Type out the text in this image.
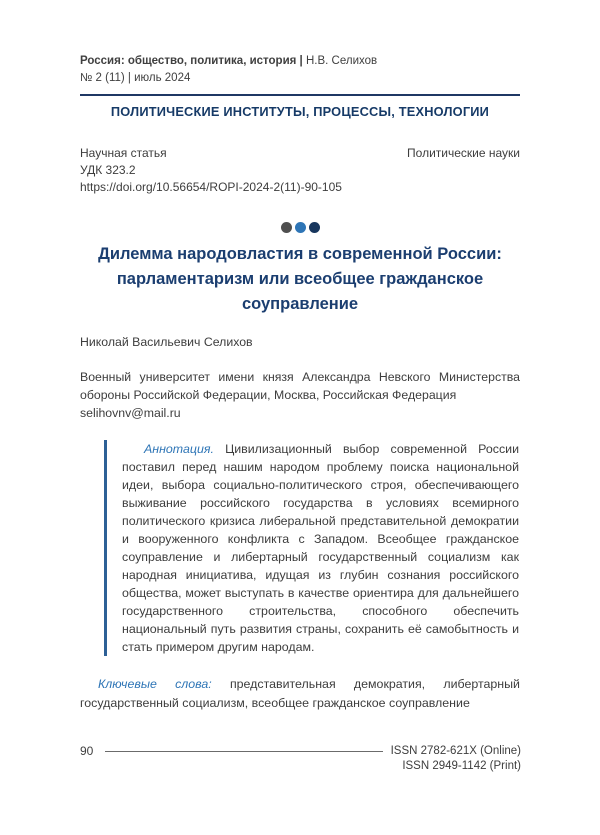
Россия: общество, политика, история | Н.В. Селихов
№ 2 (11) | июль 2024
ПОЛИТИЧЕСКИЕ ИНСТИТУТЫ, ПРОЦЕССЫ, ТЕХНОЛОГИИ
Научная статья	Политические науки
УДК 323.2
https://doi.org/10.56654/ROPI-2024-2(11)-90-105
Дилемма народовластия в современной России: парламентаризм или всеобщее гражданское соуправление
Николай Васильевич Селихов
Военный университет имени князя Александра Невского Министерства обороны Российской Федерации, Москва, Российская Федерация
selihovnv@mail.ru
Аннотация. Цивилизационный выбор современной России поставил перед нашим народом проблему поиска национальной идеи, выбора социально-политического строя, обеспечивающего выживание российского государства в условиях всемирного политического кризиса либеральной представительной демократии и вооруженного конфликта с Западом. Всеобщее гражданское соуправление и либертарный государственный социализм как народная инициатива, идущая из глубин сознания российского общества, может выступать в качестве ориентира для дальнейшего государственного строительства, способного обеспечить национальный путь развития страны, сохранить её самобытность и стать примером другим народам.
Ключевые слова: представительная демократия, либертарный государственный социализм, всеобщее гражданское соуправление
90	ISSN 2782-621X (Online)
ISSN 2949-1142 (Print)
